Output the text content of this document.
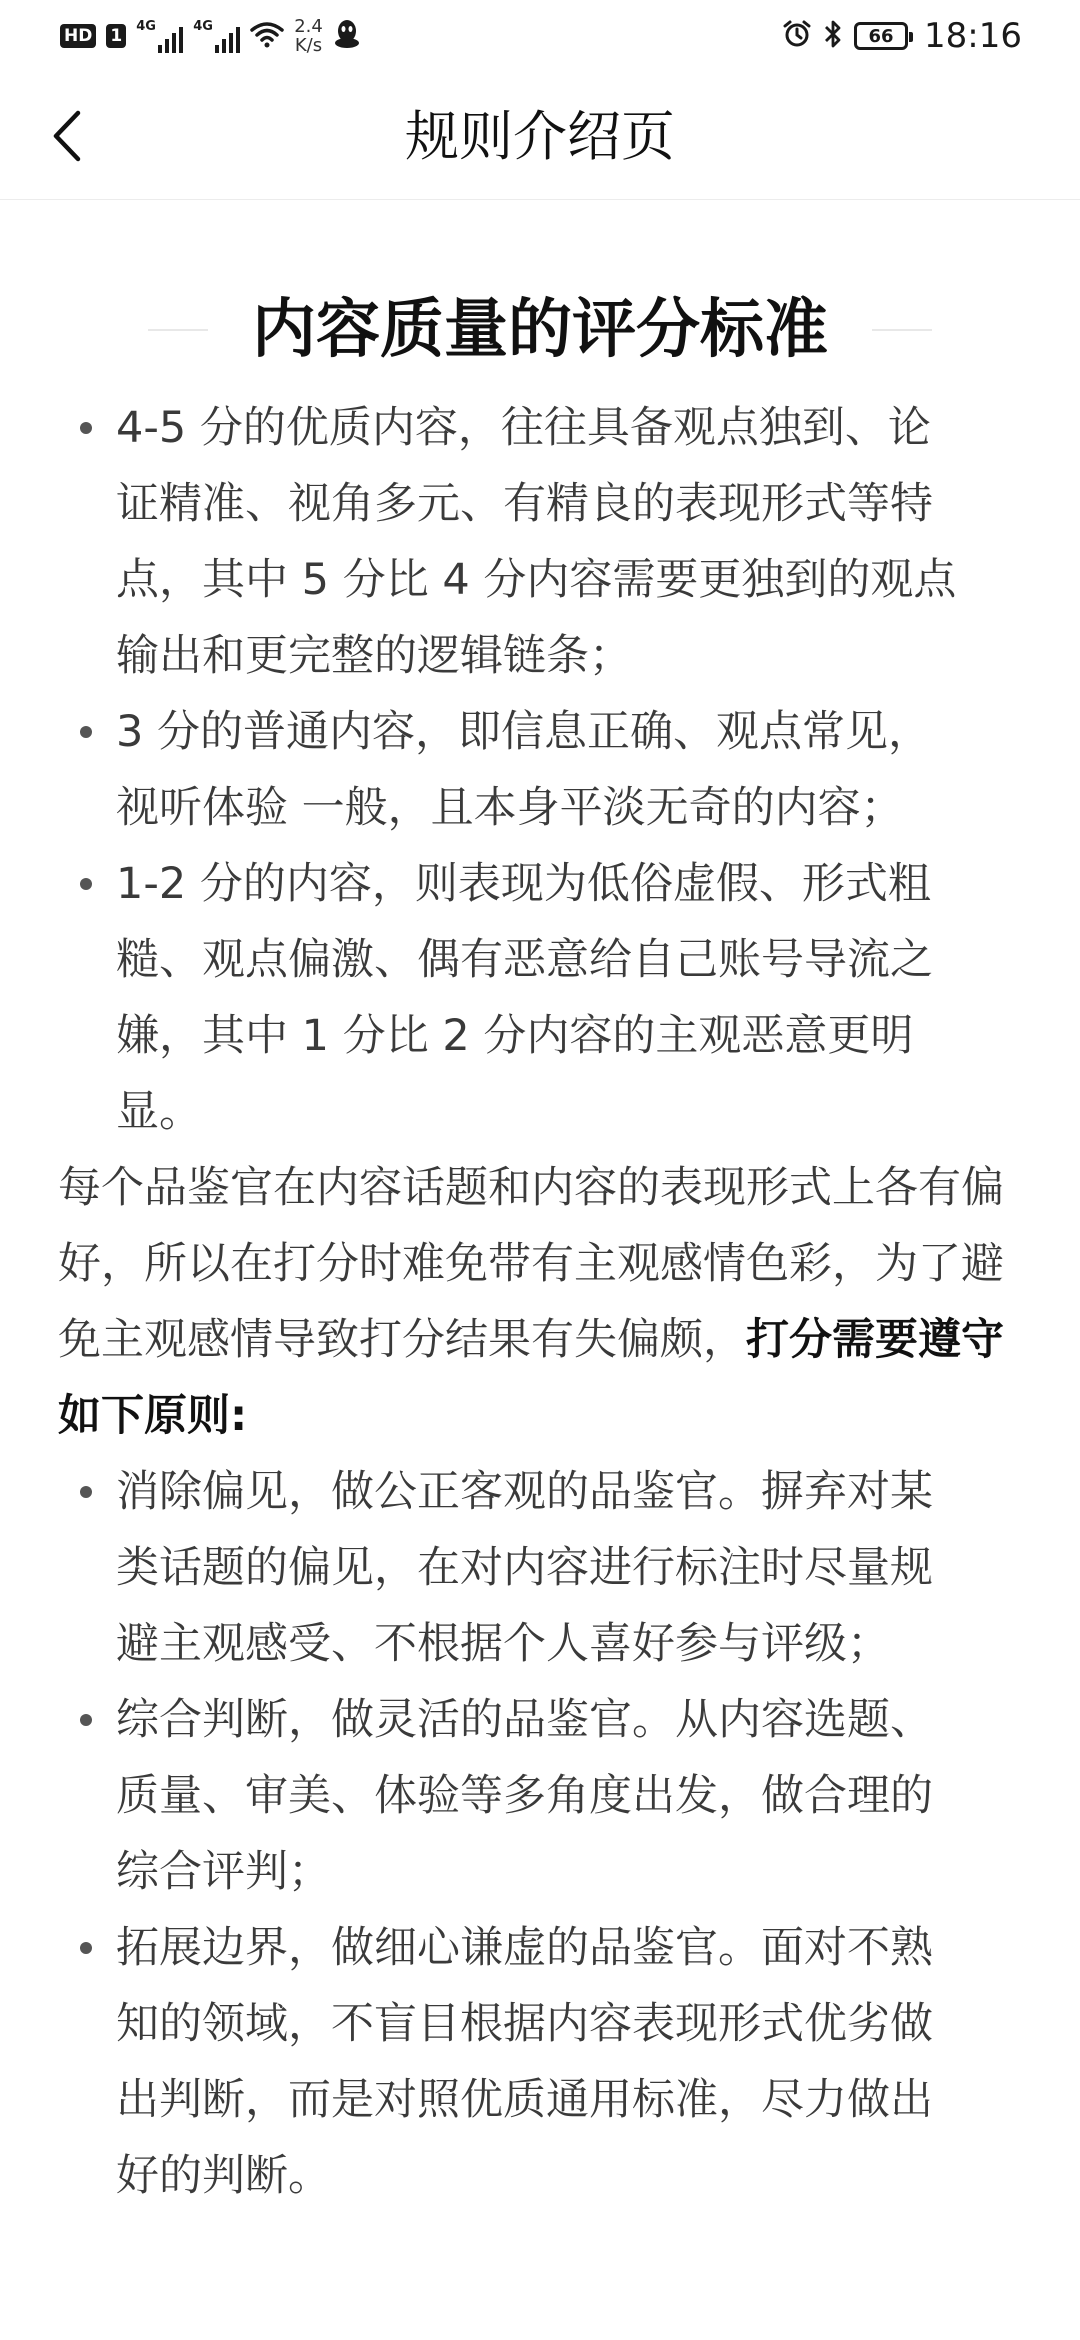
HD 1	4G	4G	2.4
K/s	66 18:16
规则介绍页
内容质量的评分标准
4-5 分的优质内容，往往具备观点独到、论证精准、视角多元、有精良的表现形式等特点，其中 5 分比 4 分内容需要更独到的观点输出和更完整的逻辑链条；
3 分的普通内容，即信息正确、观点常见，视听体验 一般，且本身平淡无奇的内容；
1-2 分的内容，则表现为低俗虚假、形式粗糙、观点偏激、偶有恶意给自己账号导流之嫌，其中 1 分比 2 分内容的主观恶意更明显。
每个品鉴官在内容话题和内容的表现形式上各有偏好，所以在打分时难免带有主观感情色彩，为了避免主观感情导致打分结果有失偏颇，打分需要遵守如下原则:
消除偏见，做公正客观的品鉴官。摒弃对某类话题的偏见，在对内容进行标注时尽量规避主观感受、不根据个人喜好参与评级；
综合判断，做灵活的品鉴官。从内容选题、质量、审美、体验等多角度出发，做合理的综合评判；
拓展边界，做细心谦虚的品鉴官。面对不熟知的领域，不盲目根据内容表现形式优劣做出判断，而是对照优质通用标准，尽力做出好的判断。
